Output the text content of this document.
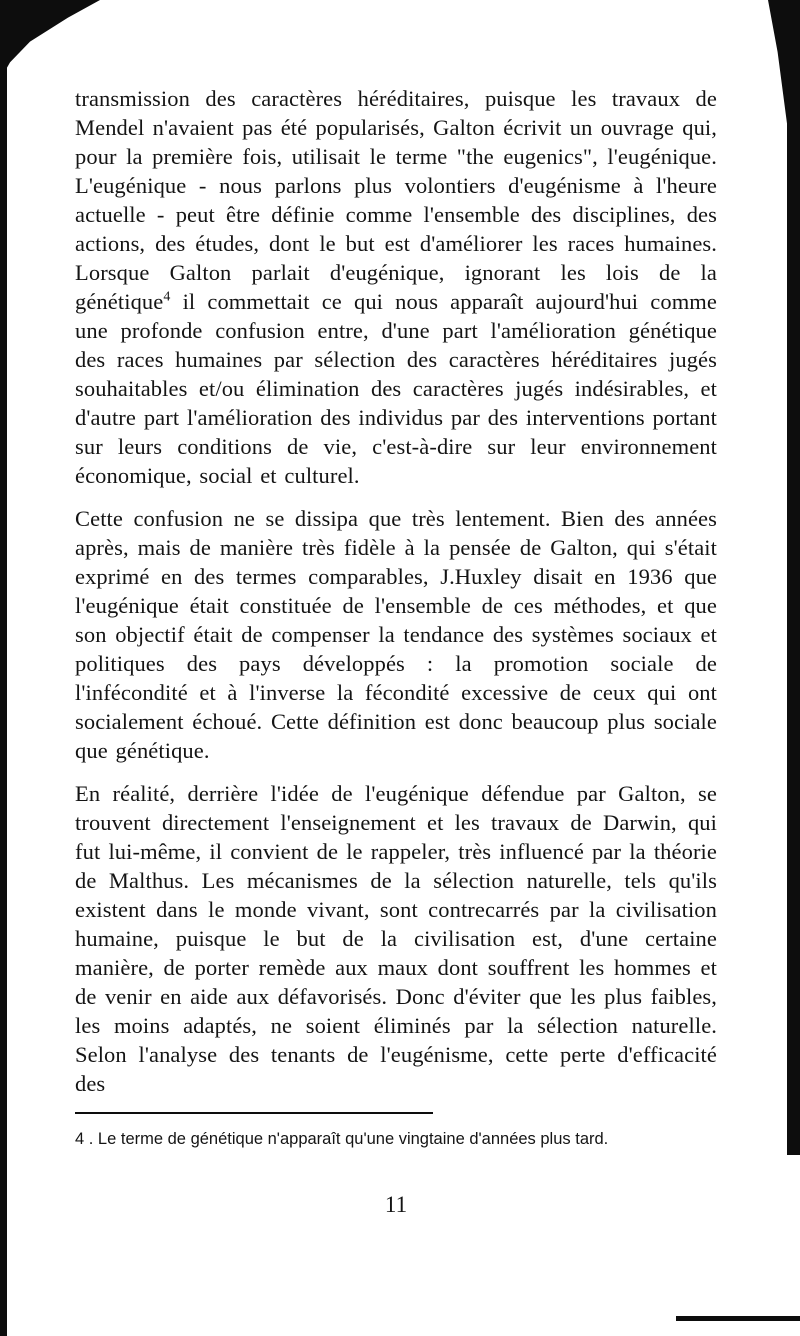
transmission des caractères héréditaires, puisque les travaux de Mendel n'avaient pas été popularisés, Galton écrivit un ouvrage qui, pour la première fois, utilisait le terme "the eugenics", l'eugénique. L'eugénique - nous parlons plus volontiers d'eugénisme à l'heure actuelle - peut être définie comme l'ensemble des disciplines, des actions, des études, dont le but est d'améliorer les races humaines. Lorsque Galton parlait d'eugénique, ignorant les lois de la génétique$^4$ il commettait ce qui nous apparaît aujourd'hui comme une profonde confusion entre, d'une part l'amélioration génétique des races humaines par sélection des caractères héréditaires jugés souhaitables et/ou élimination des caractères jugés indésirables, et d'autre part l'amélioration des individus par des interventions portant sur leurs conditions de vie, c'est-à-dire sur leur environnement économique, social et culturel.

Cette confusion ne se dissipa que très lentement. Bien des années après, mais de manière très fidèle à la pensée de Galton, qui s'était exprimé en des termes comparables, J.Huxley disait en 1936 que l'eugénique était constituée de l'ensemble de ces méthodes, et que son objectif était de compenser la tendance des systèmes sociaux et politiques des pays développés : la promotion sociale de l'infécondité et à l'inverse la fécondité excessive de ceux qui ont socialement échoué. Cette définition est donc beaucoup plus sociale que génétique.

En réalité, derrière l'idée de l'eugénique défendue par Galton, se trouvent directement l'enseignement et les travaux de Darwin, qui fut lui-même, il convient de le rappeler, très influencé par la théorie de Malthus. Les mécanismes de la sélection naturelle, tels qu'ils existent dans le monde vivant, sont contrecarrés par la civilisation humaine, puisque le but de la civilisation est, d'une certaine manière, de porter remède aux maux dont souffrent les hommes et de venir en aide aux défavorisés. Donc d'éviter que les plus faibles, les moins adaptés, ne soient éliminés par la sélection naturelle. Selon l'analyse des tenants de l'eugénisme, cette perte d'efficacité des

4 . Le terme de génétique n'apparaît qu'une vingtaine d'années plus tard.

11
